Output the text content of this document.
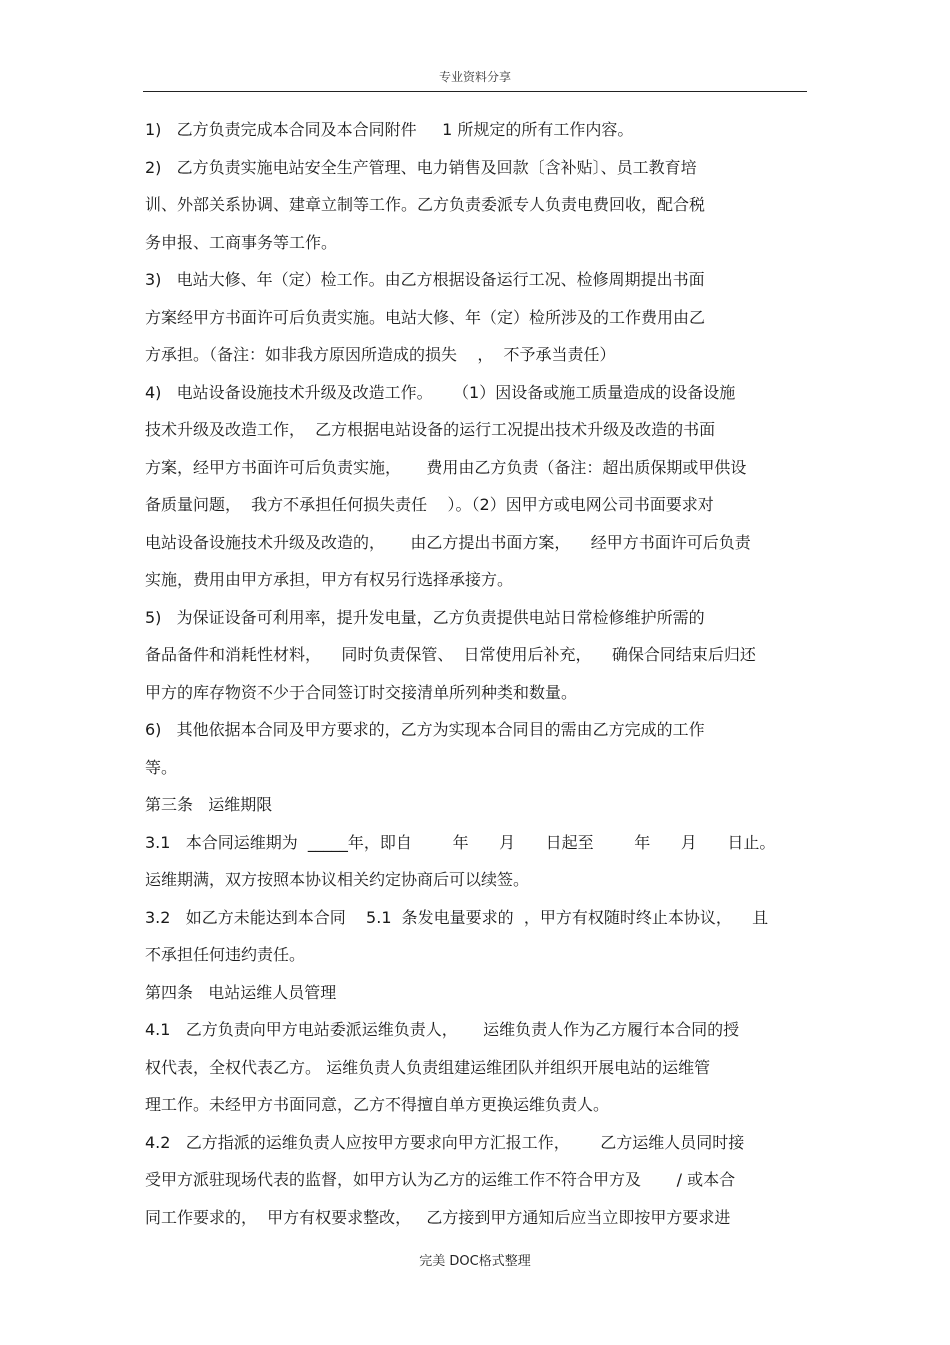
专业资料分享
1)   乙方负责完成本合同及本合同附件     1 所规定的所有工作内容。
2)   乙方负责实施电站安全生产管理、电力销售及回款〔含补贴〕、员工教育培
训、外部关系协调、建章立制等工作。乙方负责委派专人负责电费回收，配合税
务申报、工商事务等工作。
3)   电站大修、年（定）检工作。由乙方根据设备运行工况、检修周期提出书面
方案经甲方书面许可后负责实施。电站大修、年（定）检所涉及的工作费用由乙
方承担。（备注：如非我方原因所造成的损失    ，  不予承当责任）
4)   电站设备设施技术升级及改造工作。    （1）因设备或施工质量造成的设备设施
技术升级及改造工作，  乙方根据电站设备的运行工况提出技术升级及改造的书面
方案，经甲方书面许可后负责实施，     费用由乙方负责（备注：超出质保期或甲供设
备质量问题，  我方不承担任何损失责任    ）。（2）因甲方或电网公司书面要求对
电站设备设施技术升级及改造的，     由乙方提出书面方案，    经甲方书面许可后负责
实施，费用由甲方承担，甲方有权另行选择承接方。
5)   为保证设备可利用率，提升发电量，乙方负责提供电站日常检修维护所需的
备品备件和消耗性材料，    同时负责保管、  日常使用后补充，    确保合同结束后归还
甲方的库存物资不少于合同签订时交接清单所列种类和数量。
6)   其他依据本合同及甲方要求的，乙方为实现本合同目的需由乙方完成的工作
等。
第三条   运维期限
3.1   本合同运维期为  _____年，即自        年      月      日起至        年      月      日止。
运维期满，双方按照本协议相关约定协商后可以续签。
3.2   如乙方未能达到本合同    5.1  条发电量要求的  ，甲方有权随时终止本协议，    且
不承担任何违约责任。
第四条   电站运维人员管理
4.1   乙方负责向甲方电站委派运维负责人，     运维负责人作为乙方履行本合同的授
权代表，全权代表乙方。 运维负责人负责组建运维团队并组织开展电站的运维管
理工作。未经甲方书面同意，乙方不得擅自单方更换运维负责人。
4.2   乙方指派的运维负责人应按甲方要求向甲方汇报工作，      乙方运维人员同时接
受甲方派驻现场代表的监督，如甲方认为乙方的运维工作不符合甲方及       / 或本合
同工作要求的，  甲方有权要求整改，   乙方接到甲方通知后应当立即按甲方要求进
完美 DOC格式整理
